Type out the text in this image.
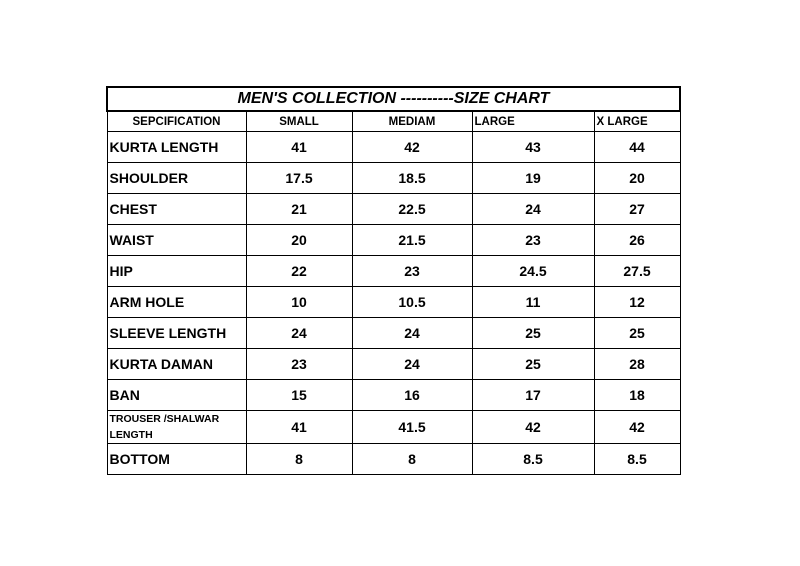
MEN'S COLLECTION ----------SIZE CHART				
SEPCIFICATION	SMALL	MEDIAM	LARGE	X LARGE
KURTA LENGTH	41	42	43	44
SHOULDER	17.5	18.5	19	20
CHEST	21	22.5	24	27
WAIST	20	21.5	23	26
HIP	22	23	24.5	27.5
ARM HOLE	10	10.5	11	12
SLEEVE LENGTH	24	24	25	25
KURTA DAMAN	23	24	25	28
BAN	15	16	17	18
TROUSER /SHALWAR LENGTH	41	41.5	42	42
BOTTOM	8	8	8.5	8.5
